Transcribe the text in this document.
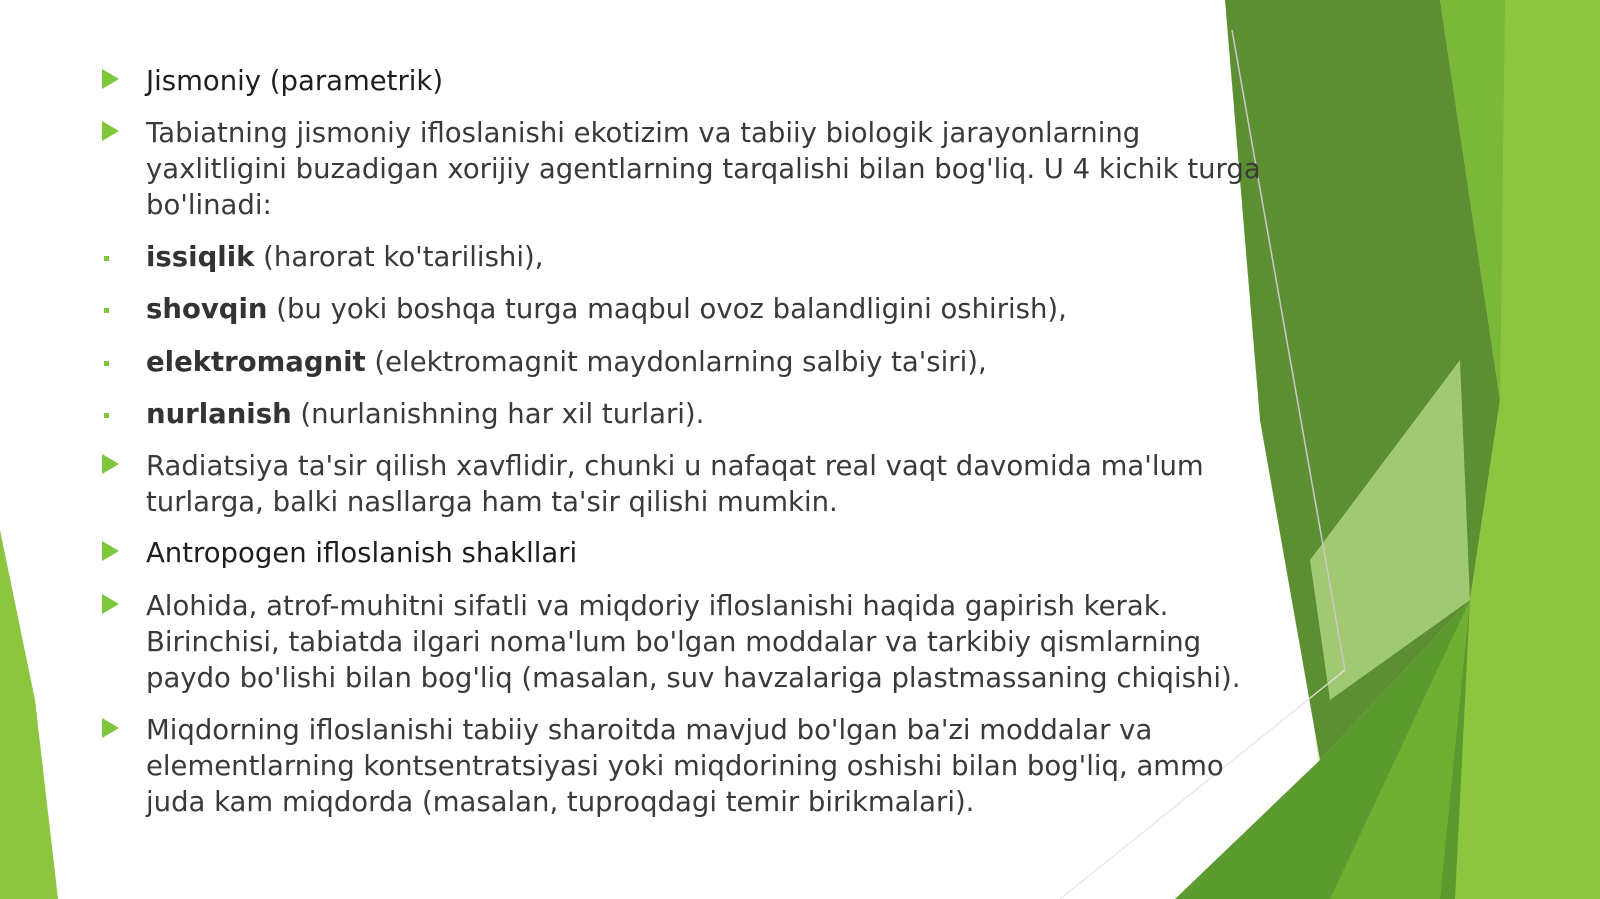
Jismoniy (parametrik)
Tabiatning jismoniy ifloslanishi ekotizim va tabiiy biologik jarayonlarning yaxlitligini buzadigan xorijiy agentlarning tarqalishi bilan bog'liq. U 4 kichik turga bo'linadi:
issiqlik (harorat ko'tarilishi),
shovqin (bu yoki boshqa turga maqbul ovoz balandligini oshirish),
elektromagnit (elektromagnit maydonlarning salbiy ta'siri),
nurlanish (nurlanishning har xil turlari).
Radiatsiya ta'sir qilish xavflidir, chunki u nafaqat real vaqt davomida ma'lum turlarga, balki nasllarga ham ta'sir qilishi mumkin.
Antropogen ifloslanish shakllari
Alohida, atrof-muhitni sifatli va miqdoriy ifloslanishi haqida gapirish kerak. Birinchisi, tabiatda ilgari noma'lum bo'lgan moddalar va tarkibiy qismlarning paydo bo'lishi bilan bog'liq (masalan, suv havzalariga plastmassaning chiqishi).
Miqdorning ifloslanishi tabiiy sharoitda mavjud bo'lgan ba'zi moddalar va elementlarning kontsentratsiyasi yoki miqdorining oshishi bilan bog'liq, ammo juda kam miqdorda (masalan, tuproqdagi temir birikmalari).
